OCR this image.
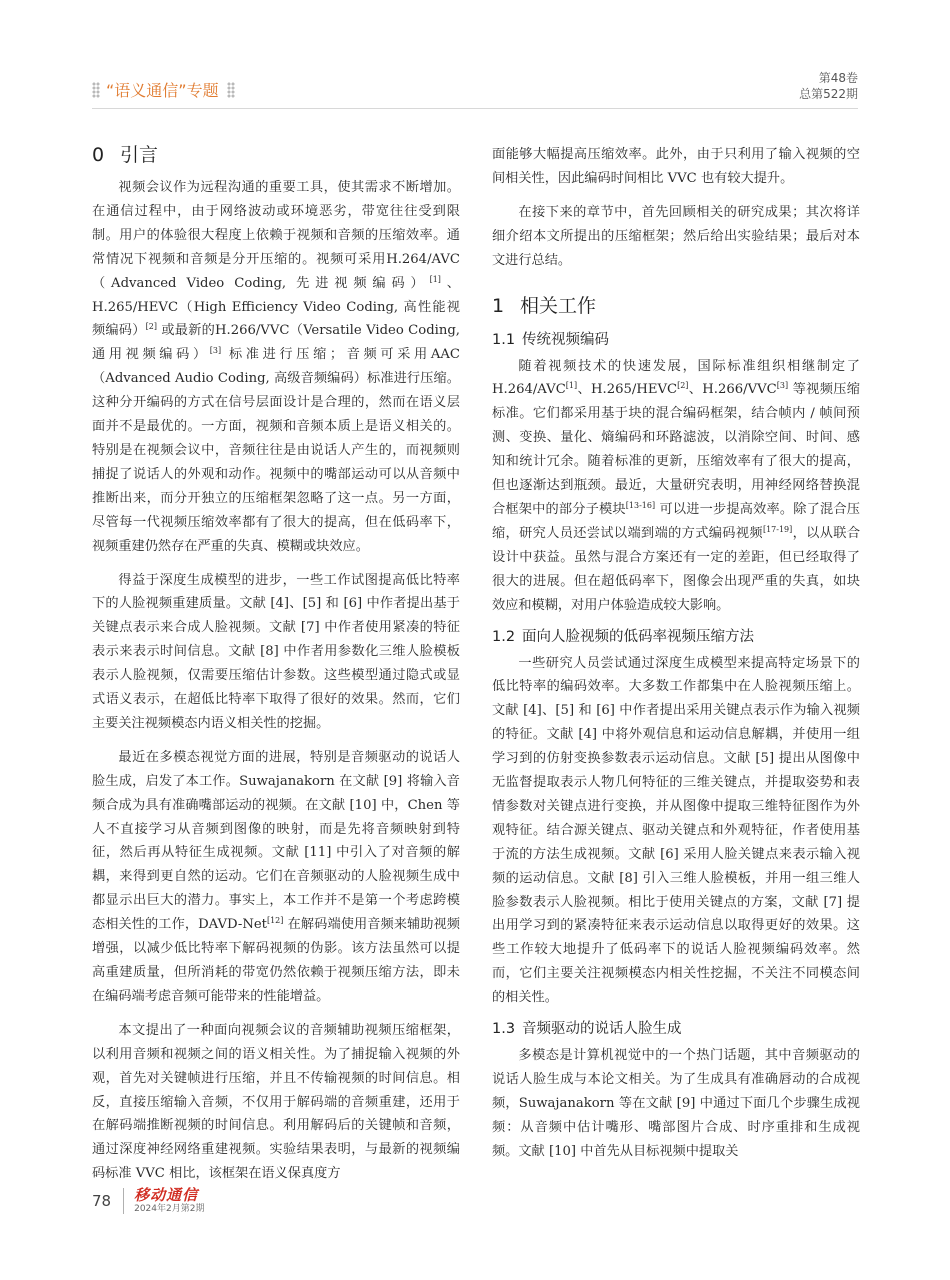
“语义通信”专题
第48卷
总第522期
0 引言

视频会议作为远程沟通的重要工具，使其需求不断增加。在通信过程中，由于网络波动或环境恶劣，带宽往往受到限制。用户的体验很大程度上依赖于视频和音频的压缩效率。通常情况下视频和音频是分开压缩的。视频可采用H.264/AVC（Advanced Video Coding, 先进视频编码）[1]、H.265/HEVC（High Efficiency Video Coding, 高性能视频编码）[2] 或最新的H.266/VVC（Versatile Video Coding, 通用视频编码）[3] 标准进行压缩；音频可采用AAC（Advanced Audio Coding, 高级音频编码）标准进行压缩。这种分开编码的方式在信号层面设计是合理的，然而在语义层面并不是最优的。一方面，视频和音频本质上是语义相关的。特别是在视频会议中，音频往往是由说话人产生的，而视频则捕捉了说话人的外观和动作。视频中的嘴部运动可以从音频中推断出来，而分开独立的压缩框架忽略了这一点。另一方面，尽管每一代视频压缩效率都有了很大的提高，但在低码率下，视频重建仍然存在严重的失真、模糊或块效应。

得益于深度生成模型的进步，一些工作试图提高低比特率下的人脸视频重建质量。文献 [4]、[5] 和 [6] 中作者提出基于关键点表示来合成人脸视频。文献 [7] 中作者使用紧凑的特征表示来表示时间信息。文献 [8] 中作者用参数化三维人脸模板表示人脸视频，仅需要压缩估计参数。这些模型通过隐式或显式语义表示，在超低比特率下取得了很好的效果。然而，它们主要关注视频模态内语义相关性的挖掘。

最近在多模态视觉方面的进展，特别是音频驱动的说话人脸生成，启发了本工作。Suwajanakorn 在文献 [9] 将输入音频合成为具有准确嘴部运动的视频。在文献 [10] 中，Chen 等人不直接学习从音频到图像的映射，而是先将音频映射到特征，然后再从特征生成视频。文献 [11] 中引入了对音频的解耦，来得到更自然的运动。它们在音频驱动的人脸视频生成中都显示出巨大的潜力。事实上，本工作并不是第一个考虑跨模态相关性的工作，DAVD-Net[12] 在解码端使用音频来辅助视频增强，以减少低比特率下解码视频的伪影。该方法虽然可以提高重建质量，但所消耗的带宽仍然依赖于视频压缩方法，即未在编码端考虑音频可能带来的性能增益。

本文提出了一种面向视频会议的音频辅助视频压缩框架，以利用音频和视频之间的语义相关性。为了捕捉输入视频的外观，首先对关键帧进行压缩，并且不传输视频的时间信息。相反，直接压缩输入音频，不仅用于解码端的音频重建，还用于在解码端推断视频的时间信息。利用解码后的关键帧和音频，通过深度神经网络重建视频。实验结果表明，与最新的视频编码标准 VVC 相比，该框架在语义保真度方

面能够大幅提高压缩效率。此外，由于只利用了输入视频的空间相关性，因此编码时间相比 VVC 也有较大提升。

在接下来的章节中，首先回顾相关的研究成果；其次将详细介绍本文所提出的压缩框架；然后给出实验结果；最后对本文进行总结。

1 相关工作
1.1 传统视频编码

随着视频技术的快速发展，国际标准组织相继制定了 H.264/AVC[1]、H.265/HEVC[2]、H.266/VVC[3] 等视频压缩标准。它们都采用基于块的混合编码框架，结合帧内 / 帧间预测、变换、量化、熵编码和环路滤波，以消除空间、时间、感知和统计冗余。随着标准的更新，压缩效率有了很大的提高，但也逐渐达到瓶颈。最近，大量研究表明，用神经网络替换混合框架中的部分子模块[13-16] 可以进一步提高效率。除了混合压缩，研究人员还尝试以端到端的方式编码视频[17-19]，以从联合设计中获益。虽然与混合方案还有一定的差距，但已经取得了很大的进展。但在超低码率下，图像会出现严重的失真，如块效应和模糊，对用户体验造成较大影响。

1.2 面向人脸视频的低码率视频压缩方法

一些研究人员尝试通过深度生成模型来提高特定场景下的低比特率的编码效率。大多数工作都集中在人脸视频压缩上。文献 [4]、[5] 和 [6] 中作者提出采用关键点表示作为输入视频的特征。文献 [4] 中将外观信息和运动信息解耦，并使用一组学习到的仿射变换参数表示运动信息。文献 [5] 提出从图像中无监督提取表示人物几何特征的三维关键点，并提取姿势和表情参数对关键点进行变换，并从图像中提取三维特征图作为外观特征。结合源关键点、驱动关键点和外观特征，作者使用基于流的方法生成视频。文献 [6] 采用人脸关键点来表示输入视频的运动信息。文献 [8] 引入三维人脸模板，并用一组三维人脸参数表示人脸视频。相比于使用关键点的方案，文献 [7] 提出用学习到的紧凑特征来表示运动信息以取得更好的效果。这些工作较大地提升了低码率下的说话人脸视频编码效率。然而，它们主要关注视频模态内相关性挖掘，不关注不同模态间的相关性。

1.3 音频驱动的说话人脸生成

多模态是计算机视觉中的一个热门话题，其中音频驱动的说话人脸生成与本论文相关。为了生成具有准确唇动的合成视频，Suwajanakorn 等在文献 [9] 中通过下面几个步骤生成视频：从音频中估计嘴形、嘴部图片合成、时序重排和生成视频。文献 [10] 中首先从目标视频中提取关

78 移动通信
2024年2月第2期
